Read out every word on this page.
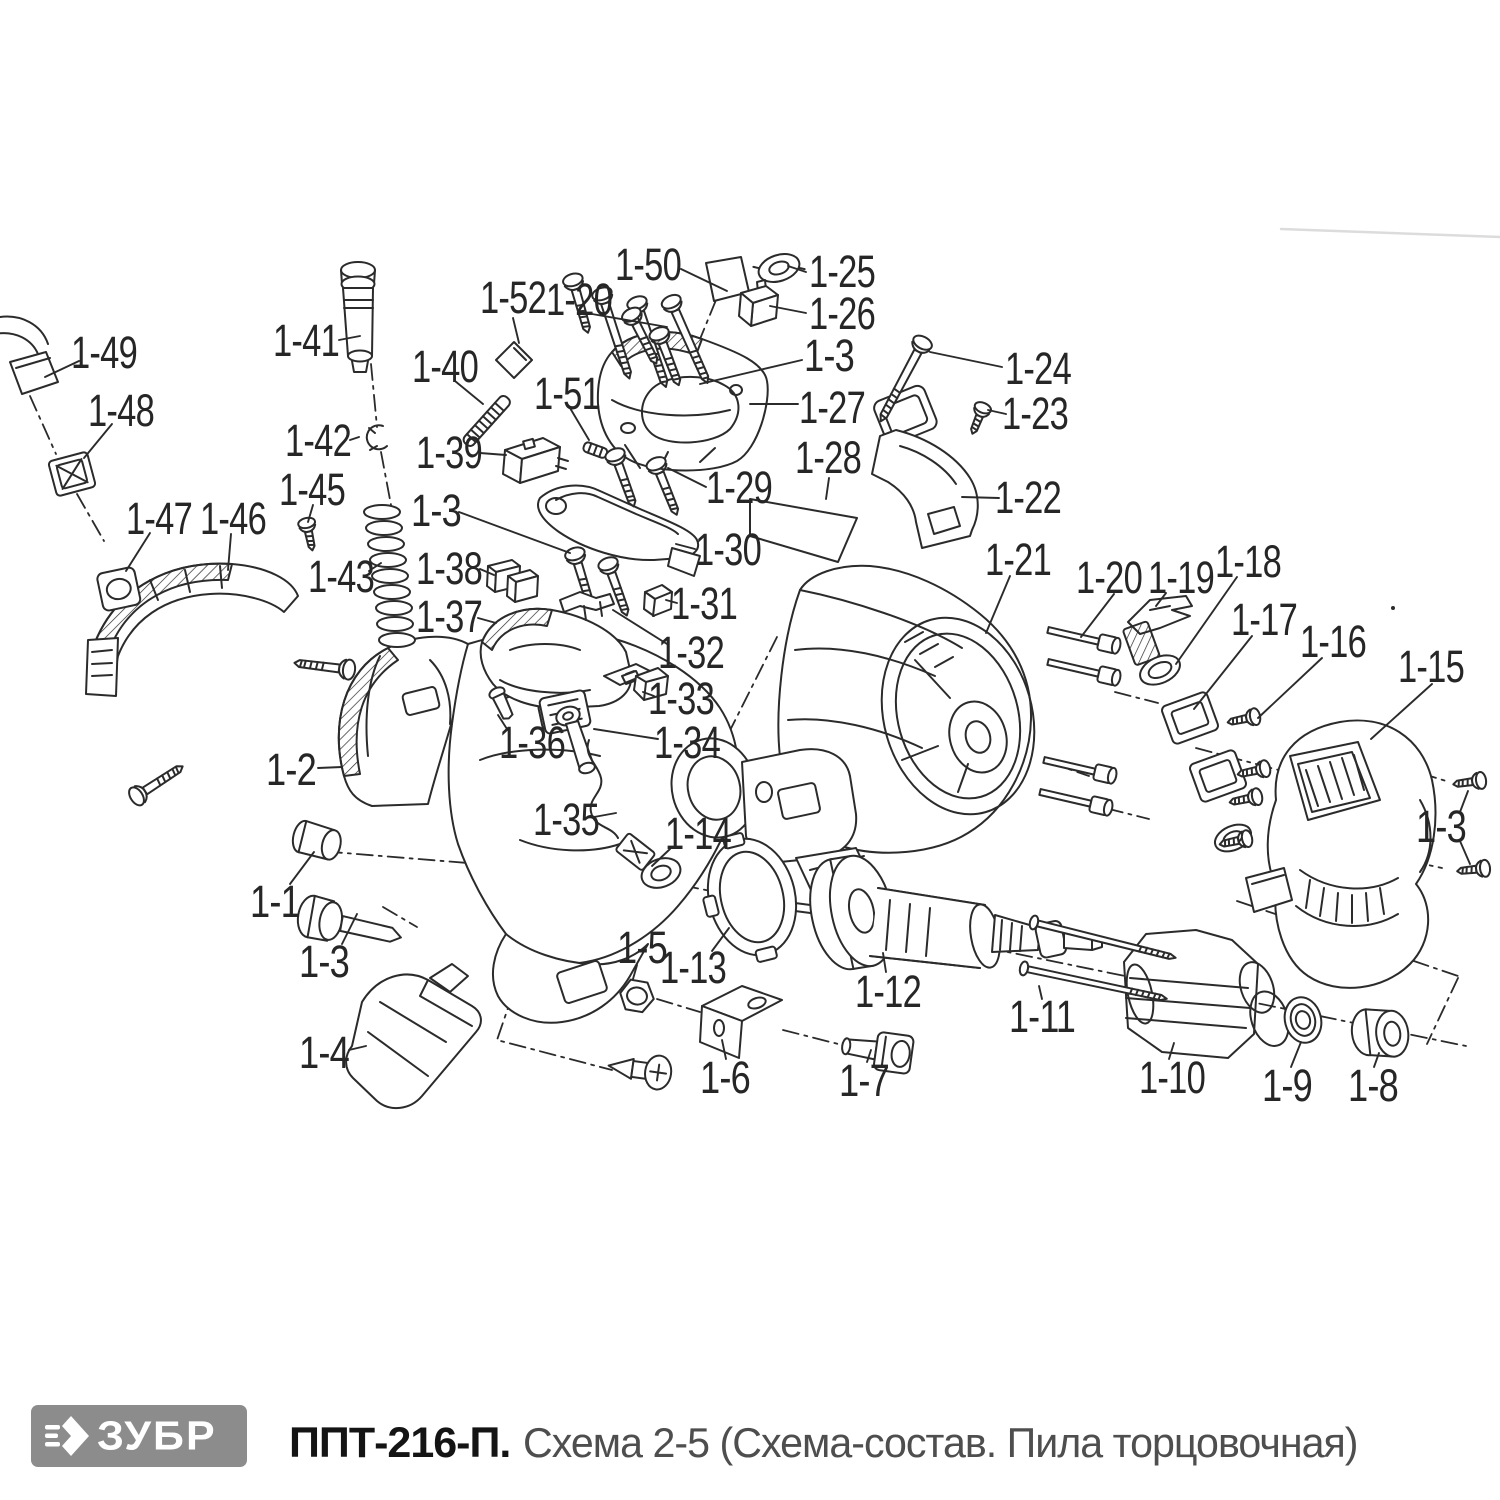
1-50	1-25
1-20
1-52	1-26
1-3
1-41
1-49	1-24
1-48	1-23
1-27
1-40
1-42
1-51
1-22
1-28
1-39
1-45	1-29
1-47 1-46	1-3
1-30
1-43 1-38	1-21 1-20 1-19 1-18
1-31	1-17
1-37	1-16
1-32	1-15
1-33
1-36 1-34
1-2
1-3
1-35 1-14
1-1
1-3	1-5
1-13	1-12 1-11
1-4	1-6 1-7	1-10 1-9 1-8
ЗУБР ППТ-216-П. Схема 2-5 (Схема-состав. Пила торцовочная)
